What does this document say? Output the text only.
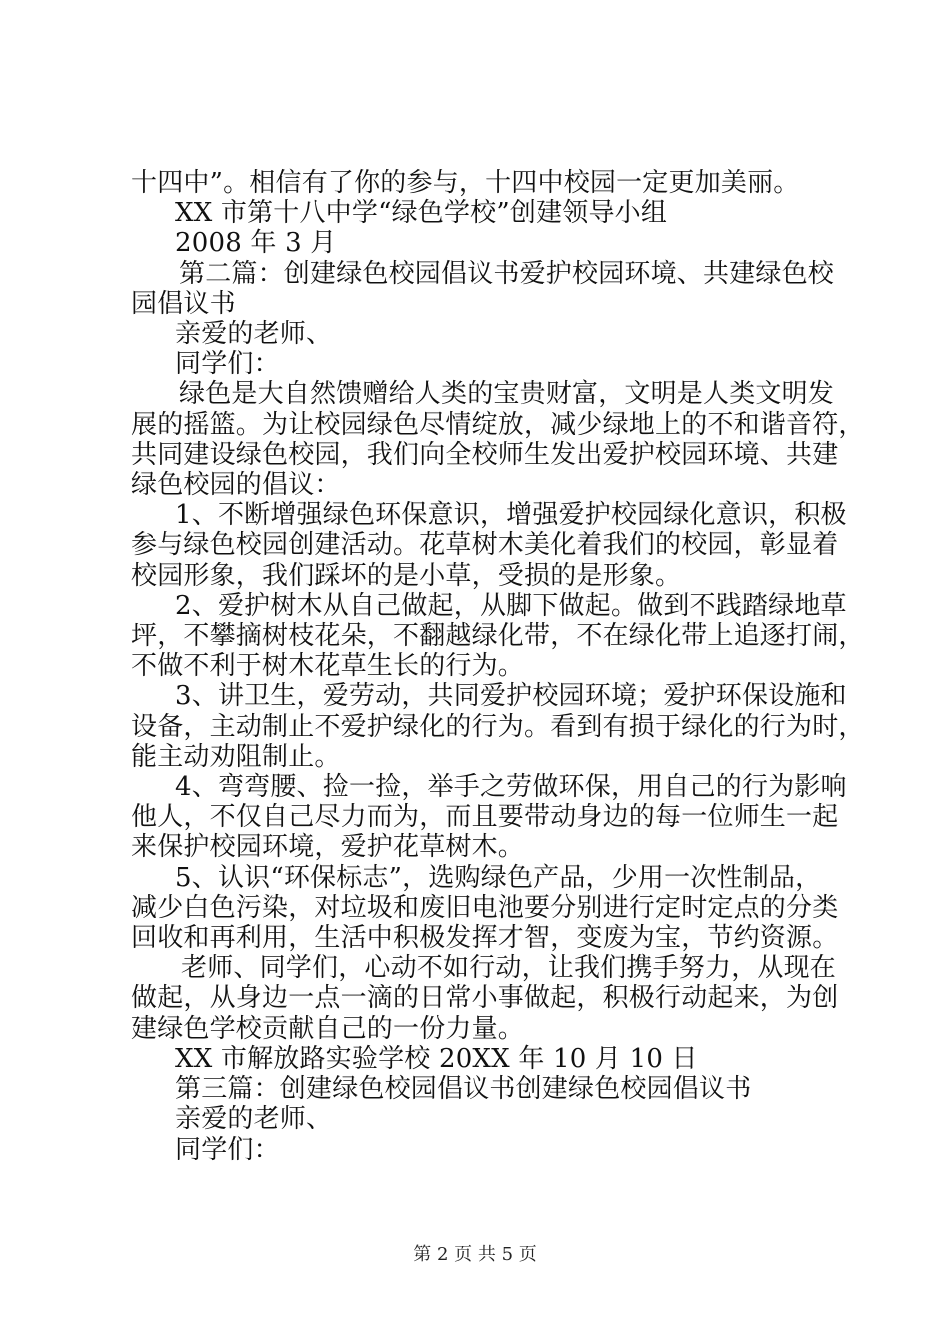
十四中”。相信有了你的参与，十四中校园一定更加美丽。
XX 市第十八中学“绿色学校”创建领导小组
2008 年 3 月
第二篇：创建绿色校园倡议书爱护校园环境、共建绿色校
园倡议书
亲爱的老师、
同学们：
绿色是大自然馈赠给人类的宝贵财富，文明是人类文明发
展的摇篮。为让校园绿色尽情绽放，减少绿地上的不和谐音符，
共同建设绿色校园，我们向全校师生发出爱护校园环境、共建
绿色校园的倡议：
1、不断增强绿色环保意识，增强爱护校园绿化意识，积极
参与绿色校园创建活动。花草树木美化着我们的校园，彰显着
校园形象，我们踩坏的是小草，受损的是形象。
2、爱护树木从自己做起，从脚下做起。做到不践踏绿地草
坪，不攀摘树枝花朵，不翻越绿化带，不在绿化带上追逐打闹，
不做不利于树木花草生长的行为。
3、讲卫生，爱劳动，共同爱护校园环境；爱护环保设施和
设备，主动制止不爱护绿化的行为。看到有损于绿化的行为时，
能主动劝阻制止。
4、弯弯腰、捡一捡，举手之劳做环保，用自己的行为影响
他人，不仅自己尽力而为，而且要带动身边的每一位师生一起
来保护校园环境，爱护花草树木。
5、认识“环保标志”，选购绿色产品，少用一次性制品，
减少白色污染，对垃圾和废旧电池要分别进行定时定点的分类
回收和再利用，生活中积极发挥才智，变废为宝，节约资源。
老师、同学们，心动不如行动，让我们携手努力，从现在
做起，从身边一点一滴的日常小事做起，积极行动起来，为创
建绿色学校贡献自己的一份力量。
XX 市解放路实验学校 20XX 年 10 月 10 日
第三篇：创建绿色校园倡议书创建绿色校园倡议书
亲爱的老师、
同学们：
第 2 页 共 5 页
